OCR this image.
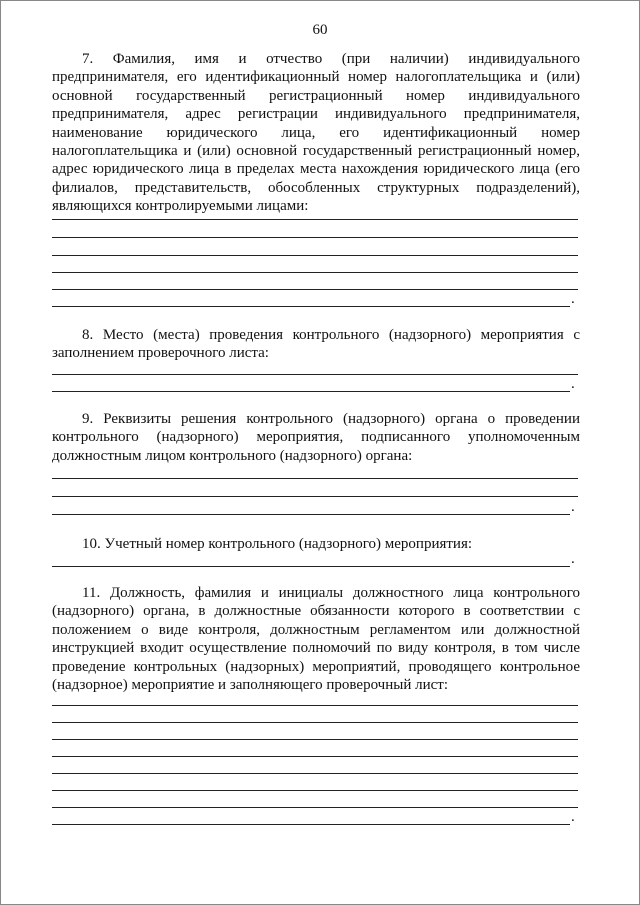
60
7. Фамилия, имя и отчество (при наличии) индивидуального предпринимателя, его идентификационный номер налогоплательщика и (или) основной государственный регистрационный номер индивидуального предпринимателя, адрес регистрации индивидуального предпринимателя, наименование юридического лица, его идентификационный номер налогоплательщика и (или) основной государственный регистрационный номер, адрес юридического лица в пределах места нахождения юридического лица (его филиалов, представительств, обособленных структурных подразделений), являющихся контролируемыми лицами:
.
8. Место (места) проведения контрольного (надзорного) мероприятия с заполнением проверочного листа:
.
9. Реквизиты решения контрольного (надзорного) органа о проведении контрольного (надзорного) мероприятия, подписанного уполномоченным должностным лицом контрольного (надзорного) органа:
.
10. Учетный номер контрольного (надзорного) мероприятия:
.
11. Должность, фамилия и инициалы должностного лица контрольного (надзорного) органа, в должностные обязанности которого в соответствии с положением о виде контроля, должностным регламентом или должностной инструкцией входит осуществление полномочий по виду контроля, в том числе проведение контрольных (надзорных) мероприятий, проводящего контрольное (надзорное) мероприятие и заполняющего проверочный лист:
.
